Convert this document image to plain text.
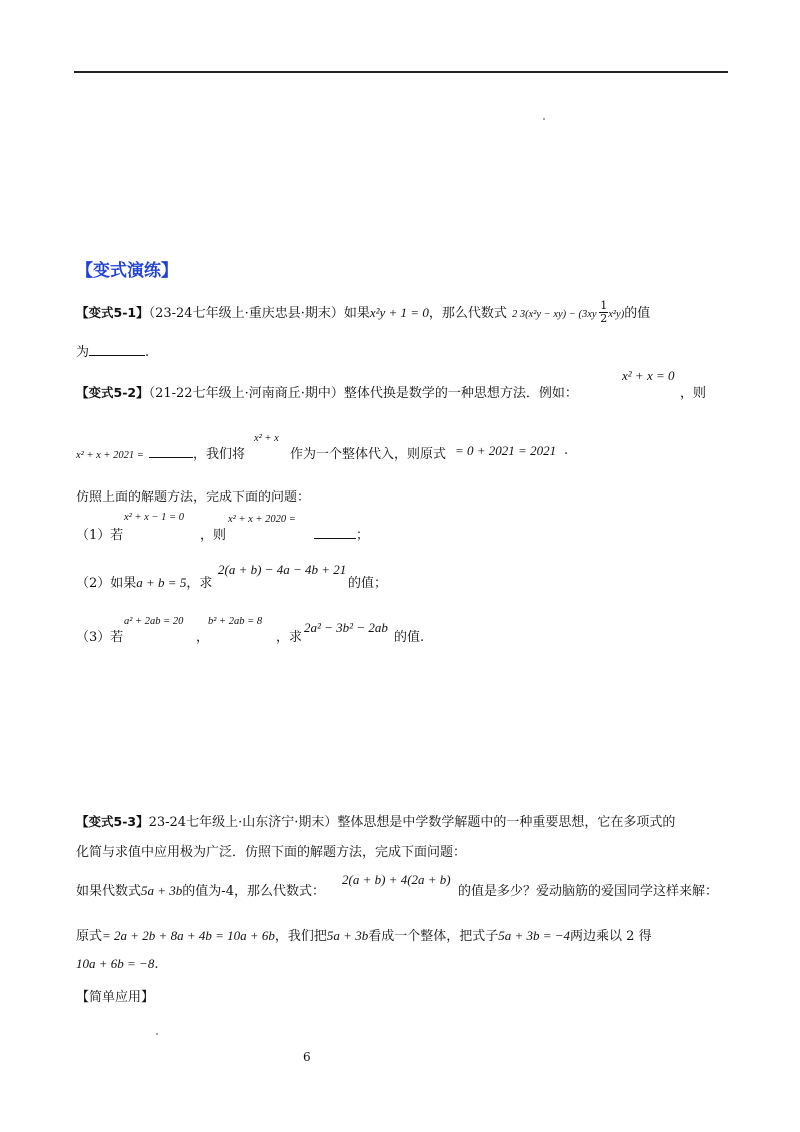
【变式演练】
【变式5-1】（23-24七年级上·重庆忠县·期末）如果x²y + 1 = 0，那么代数式 2 $3(x^2y - xy) - (3xy \frac{1}{2} x^2y)$的值
为	.
【变式5-2】（21-22七年级上·河南商丘·期中）整体代换是数学的一种思想方法．例如：
x² + x = 0
，则
x² + x + 2021 =	，我们将
x² + x
作为一个整体代入，则原式 = 0 + 2021 = 2021 .
仿照上面的解题方法，完成下面的问题：
（1）若
x² + x − 1 = 0
，则
x² + x + 2020 =
；
（2）如果a + b = 5，求
2(a + b) − 4a − 4b + 21
的值；
（3）若
a² + 2ab = 20
，
b² + 2ab = 8
，求
2a² − 3b² − 2ab
的值.
【变式5-3】23-24七年级上·山东济宁·期末）整体思想是中学数学解题中的一种重要思想，它在多项式的
化简与求值中应用极为广泛．仿照下面的解题方法，完成下面问题：
如果代数式5a + 3b的值为-4，那么代数式：
2(a + b) + 4(2a + b)
的值是多少？爱动脑筋的爱国同学这样来解：
原式= 2a + 2b + 8a + 4b = 10a + 6b，我们把5a + 3b看成一个整体，把式子5a + 3b = −4两边乘以 2 得
10a + 6b = −8.
【简单应用】
6
